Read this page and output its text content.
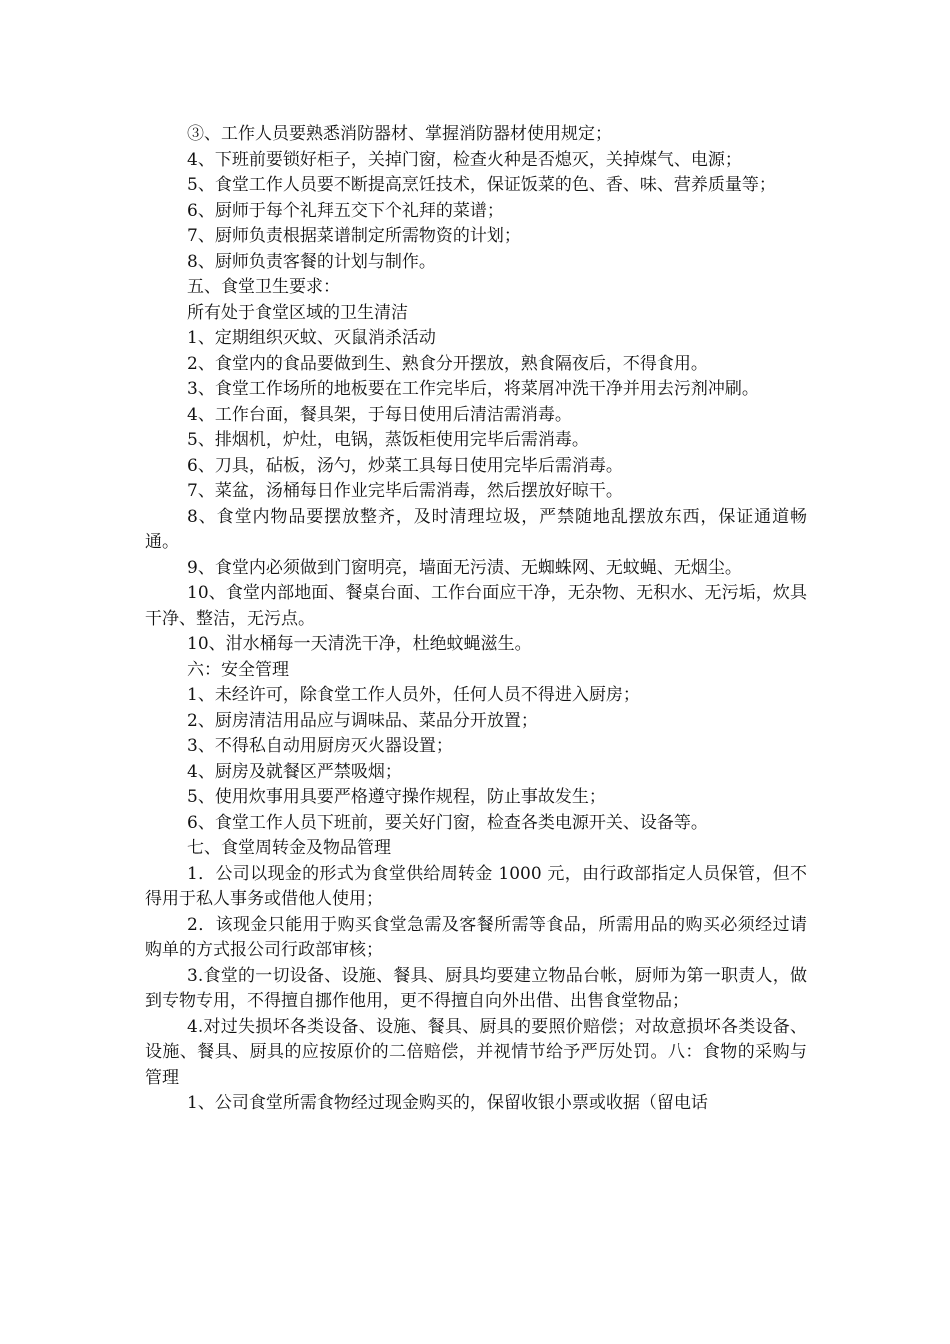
③、工作人员要熟悉消防器材、掌握消防器材使用规定；

4、下班前要锁好柜子，关掉门窗，检查火种是否熄灭，关掉煤气、电源；

5、食堂工作人员要不断提高烹饪技术，保证饭菜的色、香、味、营养质量等；

6、厨师于每个礼拜五交下个礼拜的菜谱；

7、厨师负责根据菜谱制定所需物资的计划；

8、厨师负责客餐的计划与制作。

五、食堂卫生要求：

所有处于食堂区域的卫生清洁

1、定期组织灭蚊、灭鼠消杀活动

2、食堂内的食品要做到生、熟食分开摆放，熟食隔夜后，不得食用。

3、食堂工作场所的地板要在工作完毕后，将菜屑冲洗干净并用去污剂冲刷。

4、工作台面，餐具架，于每日使用后清洁需消毒。

5、排烟机，炉灶，电锅，蒸饭柜使用完毕后需消毒。

6、刀具，砧板，汤勺，炒菜工具每日使用完毕后需消毒。

7、菜盆，汤桶每日作业完毕后需消毒，然后摆放好晾干。

8、食堂内物品要摆放整齐，及时清理垃圾，严禁随地乱摆放东西，保证通道畅通。

9、食堂内必须做到门窗明亮，墙面无污渍、无蜘蛛网、无蚊蝇、无烟尘。

10、食堂内部地面、餐桌台面、工作台面应干净，无杂物、无积水、无污垢，炊具干净、整洁，无污点。

10、泔水桶每一天清洗干净，杜绝蚊蝇滋生。

六：安全管理

1、未经许可，除食堂工作人员外，任何人员不得进入厨房；

2、厨房清洁用品应与调味品、菜品分开放置；

3、不得私自动用厨房灭火器设置；

4、厨房及就餐区严禁吸烟；

5、使用炊事用具要严格遵守操作规程，防止事故发生；

6、食堂工作人员下班前，要关好门窗，检查各类电源开关、设备等。

七、食堂周转金及物品管理

1．公司以现金的形式为食堂供给周转金 1000 元，由行政部指定人员保管，但不得用于私人事务或借他人使用；

2．该现金只能用于购买食堂急需及客餐所需等食品，所需用品的购买必须经过请购单的方式报公司行政部审核；

3.食堂的一切设备、设施、餐具、厨具均要建立物品台帐，厨师为第一职责人，做到专物专用，不得擅自挪作他用，更不得擅自向外出借、出售食堂物品；

4.对过失损坏各类设备、设施、餐具、厨具的要照价赔偿；对故意损坏各类设备、设施、餐具、厨具的应按原价的二倍赔偿，并视情节给予严厉处罚。八：食物的采购与管理

1、公司食堂所需食物经过现金购买的，保留收银小票或收据（留电话
